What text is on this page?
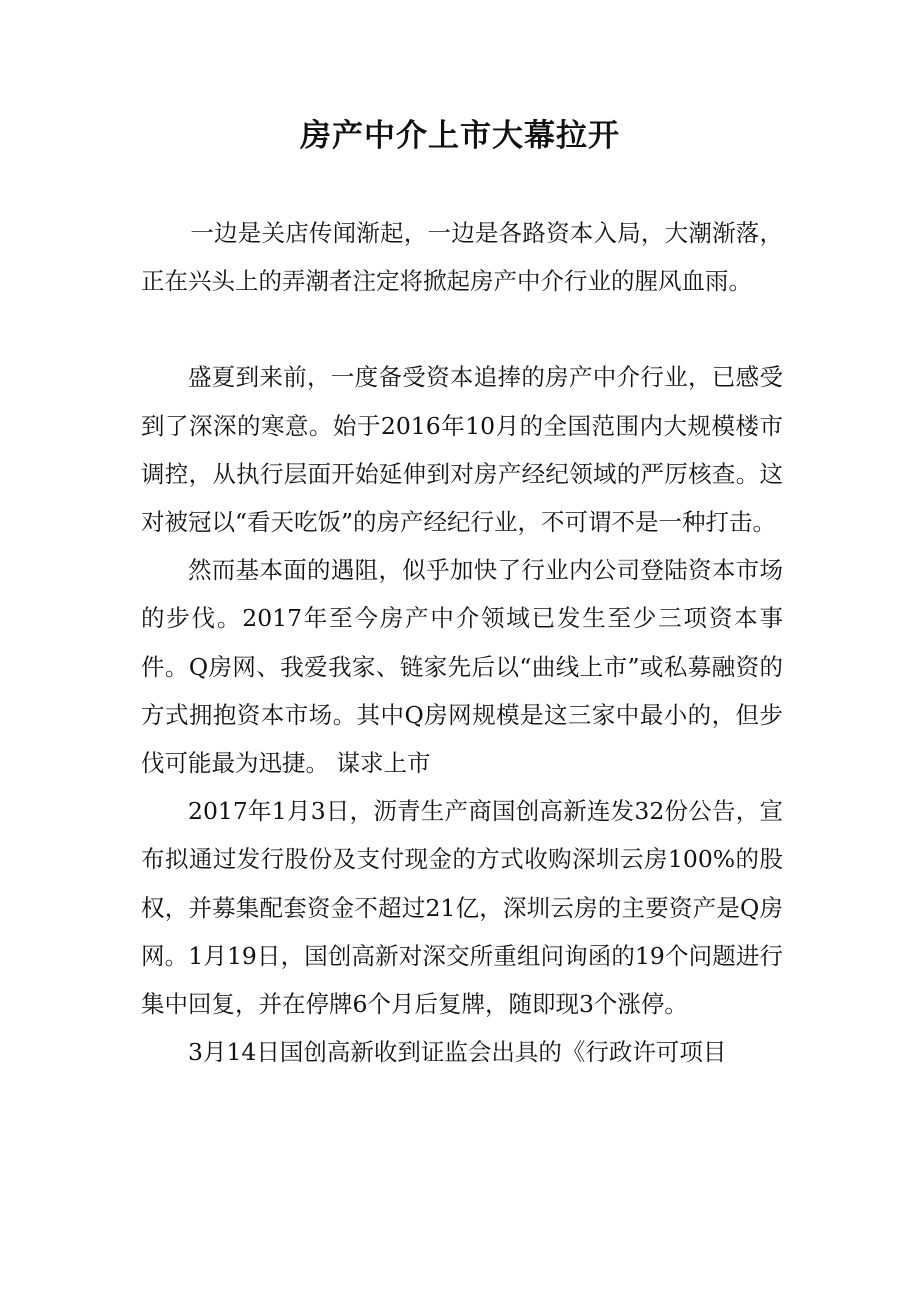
房产中介上市大幕拉开

一边是关店传闻渐起，一边是各路资本入局，大潮渐落，正在兴头上的弄潮者注定将掀起房产中介行业的腥风血雨。

盛夏到来前，一度备受资本追捧的房产中介行业，已感受到了深深的寒意。始于2016年10月的全国范围内大规模楼市调控，从执行层面开始延伸到对房产经纪领域的严厉核查。这对被冠以“看天吃饭”的房产经纪行业，不可谓不是一种打击。

然而基本面的遇阻，似乎加快了行业内公司登陆资本市场的步伐。2017年至今房产中介领域已发生至少三项资本事件。Q房网、我爱我家、链家先后以“曲线上市”或私募融资的方式拥抱资本市场。其中Q房网规模是这三家中最小的，但步伐可能最为迅捷。 谋求上市

2017年1月3日，沥青生产商国创高新连发32份公告，宣布拟通过发行股份及支付现金的方式收购深圳云房100%的股权，并募集配套资金不超过21亿，深圳云房的主要资产是Q房网。1月19日，国创高新对深交所重组问询函的19个问题进行集中回复，并在停牌6个月后复牌，随即现3个涨停。

3月14日国创高新收到证监会出具的《行政许可项目
